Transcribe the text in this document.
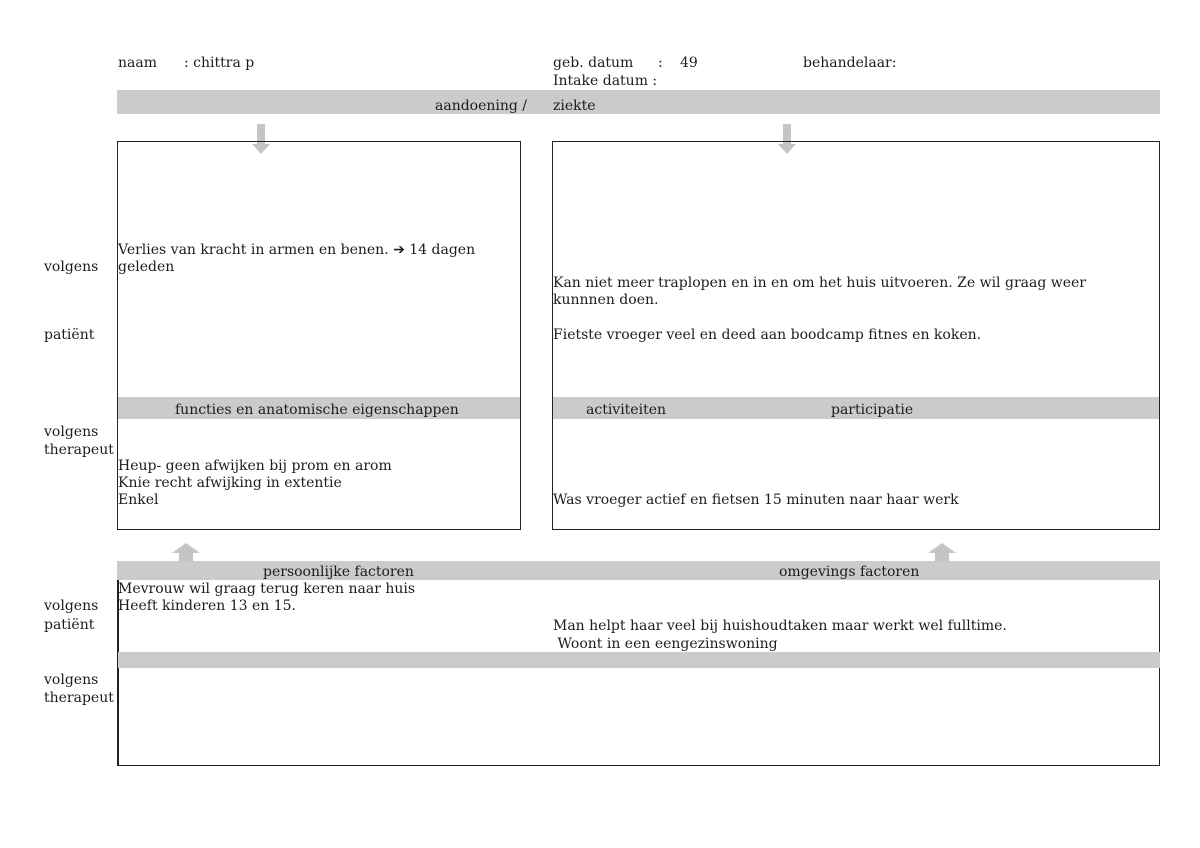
naam : chittra p	geb. datum : 49	behandelaar:
Intake datum :
aandoening / ziekte
volgens
patiënt
volgens
therapeut
volgens
patiënt
volgens
therapeut
functies en anatomische eigenschappen
Verlies van kracht in armen en benen. ➔ 14 dagen geleden
Heup- geen afwijken bij prom en arom
Knie recht afwijking in extentie
Enkel
activiteiten	participatie
Kan niet meer traplopen en in en om het huis uitvoeren. Ze wil graag weer kunnnen doen.
Fietste vroeger veel en deed aan boodcamp fitnes en koken.
Was vroeger actief en fietsen 15 minuten naar haar werk
persoonlijke factoren	omgevings factoren
Mevrouw wil graag terug keren naar huis
Heeft kinderen 13 en 15.
Man helpt haar veel bij huishoudtaken maar werkt wel fulltime.
Woont in een eengezinswoning
